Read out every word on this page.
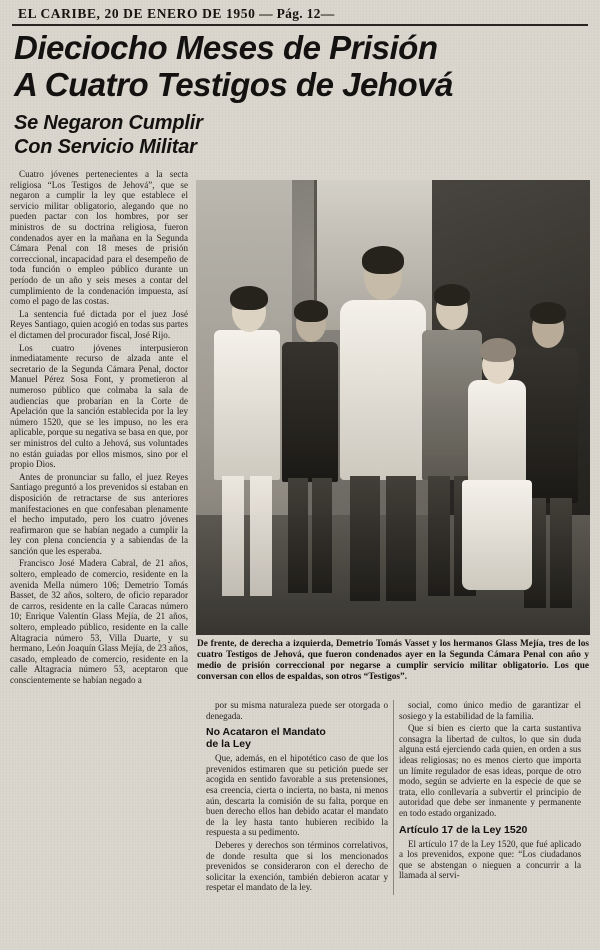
EL CARIBE, 20 DE ENERO DE 1950 — Pág. 12—
Dieciocho Meses de Prisión
A Cuatro Testigos de Jehová
Se Negaron Cumplir
Con Servicio Militar
De frente, de derecha a izquierda, Demetrio Tomás Vasset y los hermanos Glass Mejía, tres de los cuatro Testigos de Jehová, que fueron condenados ayer en la Segunda Cámara Penal con año y medio de prisión correccional por negarse a cumplir servicio militar obligatorio. Los que conversan con ellos de espaldas, son otros “Testigos”.

Cuatro jóvenes pertenecientes a la secta religiosa “Los Testigos de Jehová”, que se negaron a cumplir la ley que establece el servicio militar obligatorio, alegando que no pueden pactar con los hombres, por ser ministros de su doctrina religiosa, fueron condenados ayer en la mañana en la Segunda Cámara Penal con 18 meses de prisión correccional, incapacidad para el desempeño de toda función o empleo público durante un período de un año y seis meses a contar del cumplimiento de la condenación impuesta, así como el pago de las costas.

La sentencia fué dictada por el juez José Reyes Santiago, quien acogió en todas sus partes el dictamen del procurador fiscal, José Rijo.

Los cuatro jóvenes interpusieron inmediatamente recurso de alzada ante el secretario de la Segunda Cámara Penal, doctor Manuel Pérez Sosa Font, y prometieron al numeroso público que colmaba la sala de audiencias que probarían en la Corte de Apelación que la sanción establecida por la ley número 1520, que se les impuso, no les era aplicable, porque su negativa se basa en que, por ser ministros del culto a Jehová, sus voluntades no están guiadas por ellos mismos, sino por el propio Dios.

Antes de pronunciar su fallo, el juez Reyes Santiago preguntó a los prevenidos si estaban en disposición de retractarse de sus anteriores manifestaciones en que confesaban plenamente el hecho imputado, pero los cuatro jóvenes reafirmaron que se habían negado a cumplir la ley con plena conciencia y a sabiendas de la sanción que les esperaba.

Francisco José Madera Cabral, de 21 años, soltero, empleado de comercio, residente en la avenida Mella número 106; Demetrio Tomás Basset, de 32 años, soltero, de oficio reparador de carros, residente en la calle Caracas número 10; Enrique Valentín Glass Mejía, de 21 años, soltero, empleado público, residente en la calle Altagracia número 53, Villa Duarte, y su hermano, León Joaquín Glass Mejía, de 23 años, casado, empleado de comercio, residente en la calle Altagracia número 53, aceptaron que conscientemente se habían negado a

por su misma naturaleza puede ser otorgada o denegada.

No Acataron el Mandato
de la Ley

Que, además, en el hipotético caso de que los prevenidos estimaren que su petición puede ser acogida en sentido favorable a sus pretensiones, esa creencia, cierta o incierta, no basta, ni menos aún, descarta la comisión de su falta, porque en buen derecho ellos han debido acatar el mandato de la ley hasta tanto hubieren recibido la respuesta a su pedimento.

Deberes y derechos son términos correlativos, de donde resulta que si los mencionados prevenidos se consideraron con el derecho de solicitar la exención, también debieron acatar y respetar el mandato de la ley.

social, como único medio de garantizar el sosiego y la estabilidad de la familia.

Que si bien es cierto que la carta sustantiva consagra la libertad de cultos, lo que sin duda alguna está ejerciendo cada quien, en orden a sus ideas religiosas; no es menos cierto que importa un límite regulador de esas ideas, porque de otro modo, según se advierte en la especie de que se trata, ello conllevaría a subvertir el principio de autoridad que debe ser inmanente y permanente en todo estado organizado.

Artículo 17 de la Ley 1520

El artículo 17 de la Ley 1520, que fué aplicado a los prevenidos, expone que: “Los ciudadanos que se abstengan o nieguen a concurrir a la llamada al servi-
